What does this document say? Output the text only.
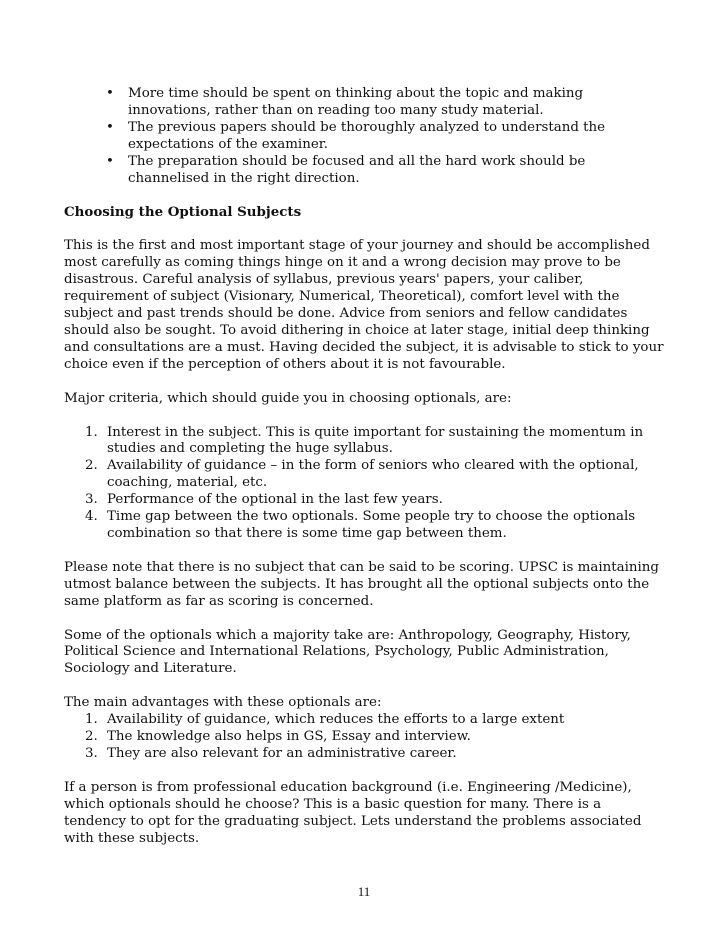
• More time should be spent on thinking about the topic and making innovations, rather than on reading too many study material.
• The previous papers should be thoroughly analyzed to understand the expectations of the examiner.
• The preparation should be focused and all the hard work should be channelised in the right direction.
Choosing the Optional Subjects

This is the first and most important stage of your journey and should be accomplished most carefully as coming things hinge on it and a wrong decision may prove to be disastrous. Careful analysis of syllabus, previous years' papers, your caliber, requirement of subject (Visionary, Numerical, Theoretical), comfort level with the subject and past trends should be done. Advice from seniors and fellow candidates should also be sought. To avoid dithering in choice at later stage, initial deep thinking and consultations are a must. Having decided the subject, it is advisable to stick to your choice even if the perception of others about it is not favourable.

Major criteria, which should guide you in choosing optionals, are:

1. Interest in the subject. This is quite important for sustaining the momentum in studies and completing the huge syllabus.
2. Availability of guidance – in the form of seniors who cleared with the optional, coaching, material, etc.
3. Performance of the optional in the last few years.
4. Time gap between the two optionals. Some people try to choose the optionals combination so that there is some time gap between them.

Please note that there is no subject that can be said to be scoring. UPSC is maintaining utmost balance between the subjects. It has brought all the optional subjects onto the same platform as far as scoring is concerned.

Some of the optionals which a majority take are: Anthropology, Geography, History, Political Science and International Relations, Psychology, Public Administration, Sociology and Literature.

The main advantages with these optionals are:

1. Availability of guidance, which reduces the efforts to a large extent
2. The knowledge also helps in GS, Essay and interview.
3. They are also relevant for an administrative career.

If a person is from professional education background (i.e. Engineering /Medicine), which optionals should he choose? This is a basic question for many. There is a tendency to opt for the graduating subject. Lets understand the problems associated with these subjects.

11
